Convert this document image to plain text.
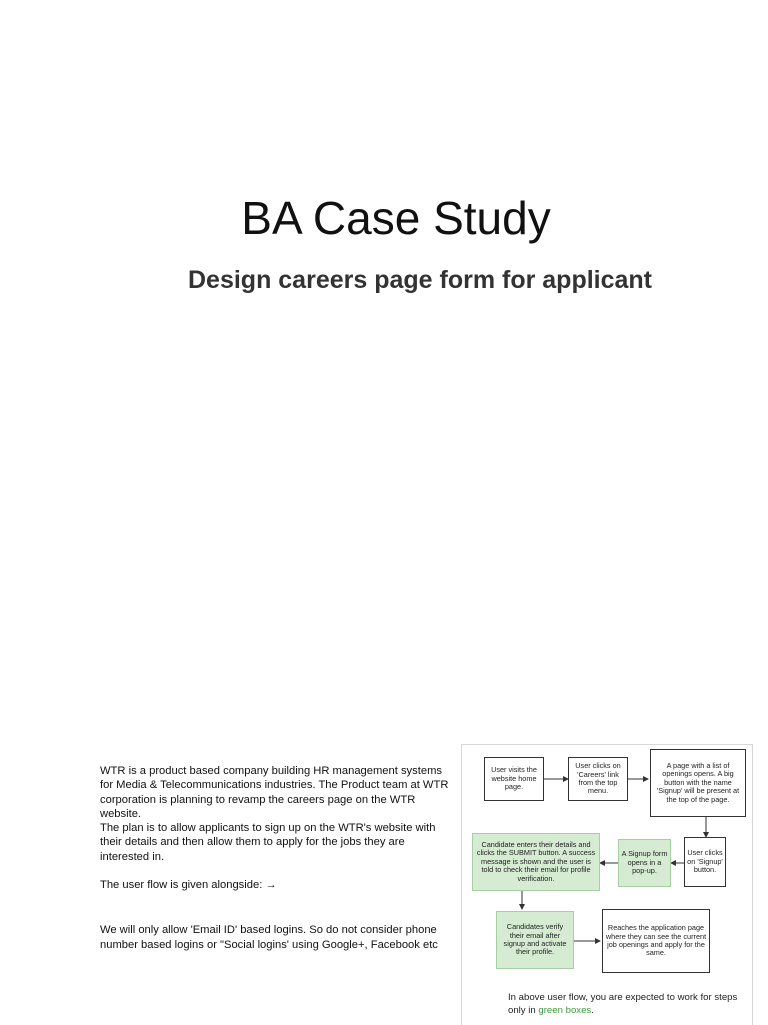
BA Case Study
Design careers page form for applicant

WTR is a product based company building HR management systems for Media & Telecommunications industries. The Product team at WTR corporation is planning to revamp the careers page on the WTR website.

The plan is to allow applicants to sign up on the WTR's website with their details and then allow them to apply for the jobs they are interested in.

The user flow is given alongside: →

We will only allow 'Email ID' based logins. So do not consider phone number based logins or "Social logins' using Google+, Facebook etc

User visits the website home page.
User clicks on 'Careers' link from the top menu.
A page with a list of openings opens. A big button with the name 'Signup' will be present at the top of the page.
User clicks on 'Signup' button.
A Signup form opens in a pop-up.
Candidate enters their details and clicks the SUBMIT button. A success message is shown and the user is told to check their email for profile verification.
Candidates verify their email after signup and activate their profile.
Reaches the application page where they can see the current job openings and apply for the same.
In above user flow, you are expected to work for steps only in green boxes.
